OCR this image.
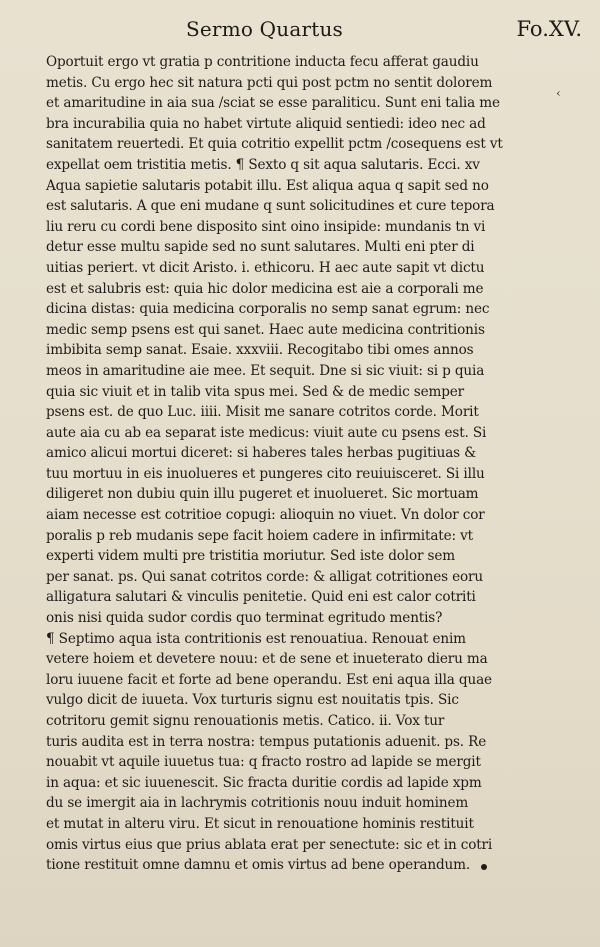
Sermo Quartus	Fo.XV.
‹
Oportuit ergo vt gratia p contritione inducta fecu afferat gaudiu
metis. Cu ergo hec sit natura pcti qui post pctm no sentit dolorem
et amaritudine in aia sua /sciat se esse paraliticu. Sunt eni talia me
bra incurabilia quia no habet virtute aliquid sentiedi: ideo nec ad
sanitatem reuertedi. Et quia cotritio expellit pctm /cosequens est vt
expellat oem tristitia metis. ¶ Sexto q sit aqua salutaris. Ecci. xv
Aqua sapietie salutaris potabit illu. Est aliqua aqua q sapit sed no
est salutaris. A que eni mudane q sunt solicitudines et cure tepora
liu reru cu cordi bene disposito sint oino insipide: mundanis tn vi
detur esse multu sapide sed no sunt salutares. Multi eni pter di
uitias periert. vt dicit Aristo. i. ethicoru. H aec aute sapit vt dictu
est et salubris est: quia hic dolor medicina est aie a corporali me
dicina distas: quia medicina corporalis no semp sanat egrum: nec
medic semp psens est qui sanet. Haec aute medicina contritionis
imbibita semp sanat. Esaie. xxxviii. Recogitabo tibi omes annos
meos in amaritudine aie mee. Et sequit. Dne si sic viuit: si p quia
quia sic viuit et in talib vita spus mei. Sed & de medic semper
psens est. de quo Luc. iiii. Misit me sanare cotritos corde. Morit
aute aia cu ab ea separat iste medicus: viuit aute cu psens est. Si
amico alicui mortui diceret: si haberes tales herbas pugitiuas &
tuu mortuu in eis inuolueres et pungeres cito reuiuisceret. Si illu
diligeret non dubiu quin illu pugeret et inuolueret. Sic mortuam
aiam necesse est cotritioe copugi: alioquin no viuet. Vn dolor cor
poralis p reb mudanis sepe facit hoiem cadere in infirmitate: vt
experti videm multi pre tristitia moriutur. Sed iste dolor sem
per sanat. ps. Qui sanat cotritos corde: & alligat cotritiones eoru
alligatura salutari & vinculis penitetie. Quid eni est calor cotriti
onis nisi quida sudor cordis quo terminat egritudo mentis?
¶ Septimo aqua ista contritionis est renouatiua. Renouat enim
vetere hoiem et devetere nouu: et de sene et inueterato dieru ma
loru iuuene facit et forte ad bene operandu. Est eni aqua illa quae
vulgo dicit de iuueta. Vox turturis signu est nouitatis tpis. Sic
cotritoru gemit signu renouationis metis. Catico. ii. Vox tur
turis audita est in terra nostra: tempus putationis aduenit. ps. Re
nouabit vt aquile iuuetus tua: q fracto rostro ad lapide se mergit
in aqua: et sic iuuenescit. Sic fracta duritie cordis ad lapide xpm
du se imergit aia in lachrymis cotritionis nouu induit hominem
et mutat in alteru viru. Et sicut in renouatione hominis restituit
omis virtus eius que prius ablata erat per senectute: sic et in cotri
tione restituit omne damnu et omis virtus ad bene operandum.
